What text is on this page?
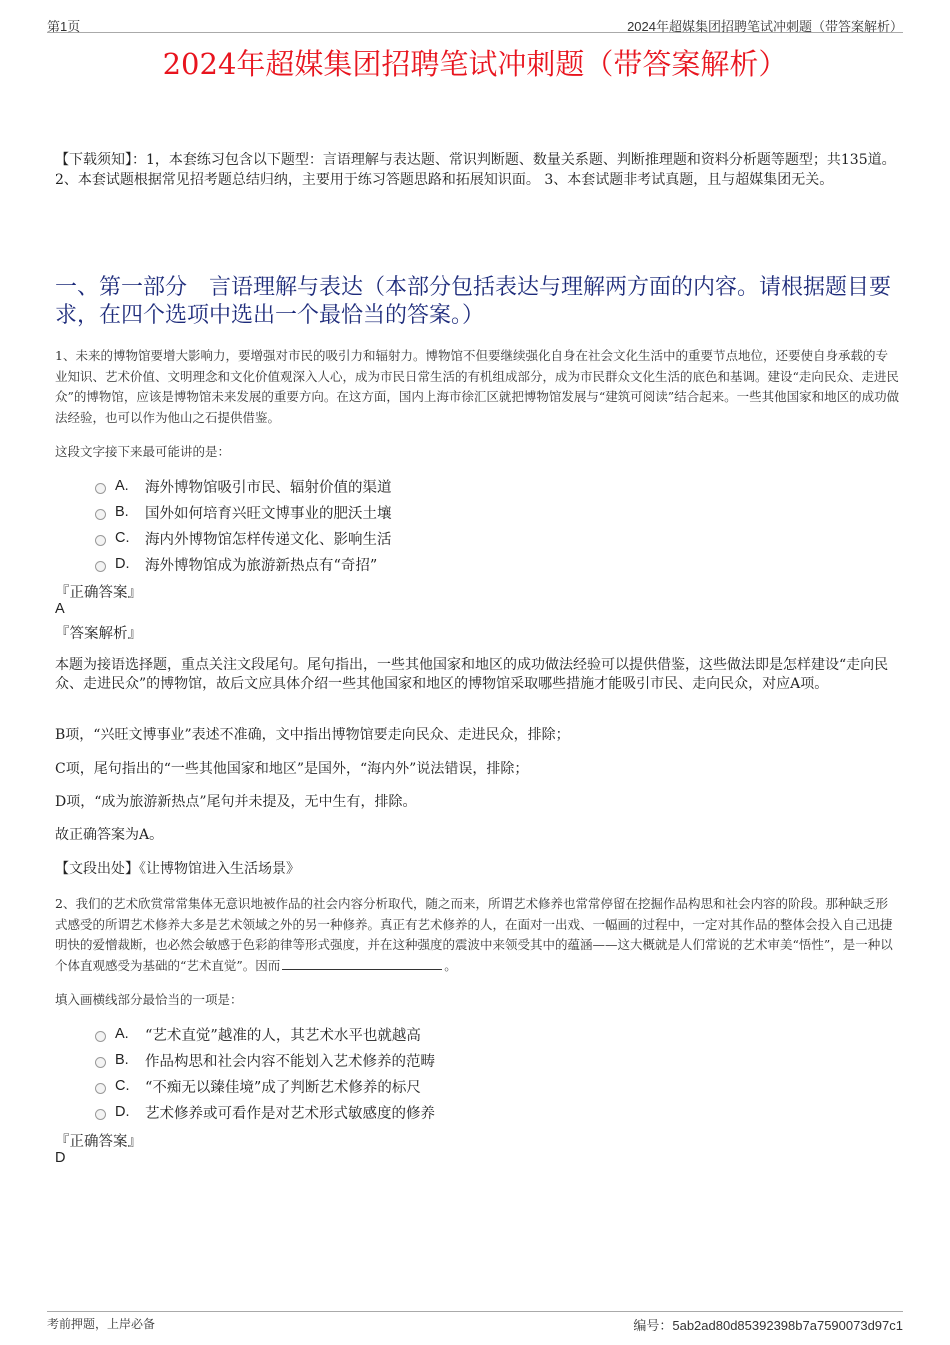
第1页	2024年超媒集团招聘笔试冲刺题（带答案解析）
2024年超媒集团招聘笔试冲刺题（带答案解析）
【下载须知】：1，本套练习包含以下题型：言语理解与表达题、常识判断题、数量关系题、判断推理题和资料分析题等题型；共135道。 2、本套试题根据常见招考题总结归纳，主要用于练习答题思路和拓展知识面。 3、本套试题非考试真题，且与超媒集团无关。
一、第一部分　言语理解与表达（本部分包括表达与理解两方面的内容。请根据题目要求，在四个选项中选出一个最恰当的答案。）
1、未来的博物馆要增大影响力，要增强对市民的吸引力和辐射力。博物馆不但要继续强化自身在社会文化生活中的重要节点地位，还要使自身承载的专业知识、艺术价值、文明理念和文化价值观深入人心，成为市民日常生活的有机组成部分，成为市民群众文化生活的底色和基调。建设“走向民众、走进民众”的博物馆，应该是博物馆未来发展的重要方向。在这方面，国内上海市徐汇区就把博物馆发展与“建筑可阅读”结合起来。一些其他国家和地区的成功做法经验，也可以作为他山之石提供借鉴。
这段文字接下来最可能讲的是：
A.	海外博物馆吸引市民、辐射价值的渠道
B.	国外如何培育兴旺文博事业的肥沃土壤
C.	海内外博物馆怎样传递文化、影响生活
D.	海外博物馆成为旅游新热点有“奇招”
『正确答案』
A
『答案解析』
本题为接语选择题，重点关注文段尾句。尾句指出，一些其他国家和地区的成功做法经验可以提供借鉴，这些做法即是怎样建设“走向民众、走进民众”的博物馆，故后文应具体介绍一些其他国家和地区的博物馆采取哪些措施才能吸引市民、走向民众，对应A项。
B项，“兴旺文博事业”表述不准确，文中指出博物馆要走向民众、走进民众，排除；
C项，尾句指出的“一些其他国家和地区”是国外，“海内外”说法错误，排除；
D项，“成为旅游新热点”尾句并未提及，无中生有，排除。
故正确答案为A。
【文段出处】《让博物馆进入生活场景》
2、我们的艺术欣赏常常集体无意识地被作品的社会内容分析取代，随之而来，所谓艺术修养也常常停留在挖掘作品构思和社会内容的阶段。那种缺乏形式感受的所谓艺术修养大多是艺术领域之外的另一种修养。真正有艺术修养的人，在面对一出戏、一幅画的过程中，一定对其作品的整体会投入自己迅捷明快的爱憎裁断，也必然会敏感于色彩韵律等形式强度，并在这种强度的震波中来领受其中的蕴涵——这大概就是人们常说的艺术审美“悟性”，是一种以个体直观感受为基础的“艺术直觉”。因而	。
填入画横线部分最恰当的一项是：
A.	“艺术直觉”越准的人，其艺术水平也就越高
B.	作品构思和社会内容不能划入艺术修养的范畴
C.	“不痴无以臻佳境”成了判断艺术修养的标尺
D.	艺术修养或可看作是对艺术形式敏感度的修养
『正确答案』
D
考前押题，上岸必备	编号：5ab2ad80d85392398b7a7590073d97c1
